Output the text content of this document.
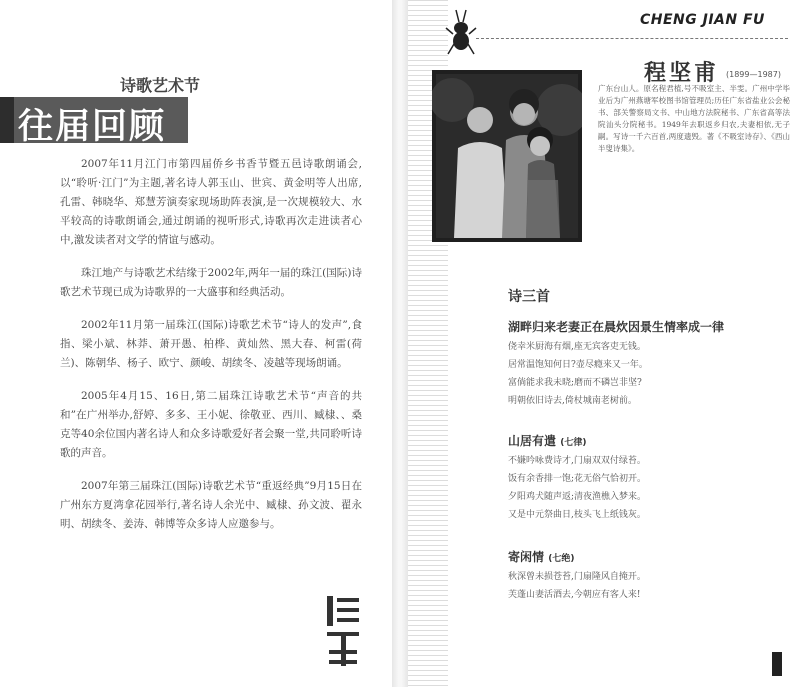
诗歌艺术节
往届回顾

2007年11月江门市第四届侨乡书香节暨五邑诗歌朗诵会,以“聆听·江门”为主题,著名诗人郭玉山、世宾、黄金明等人出席,孔雷、韩晓华、郑慧芳演奏家现场助阵表演,是一次规模较大、水平较高的诗歌朗诵会,通过朗诵的视听形式,诗歌再次走进读者心中,激发读者对文学的情谊与感动。

珠江地产与诗歌艺术结缘于2002年,两年一届的珠江(国际)诗歌艺术节现已成为诗歌界的一大盛事和经典活动。

2002年11月第一届珠江(国际)诗歌艺术节“诗人的发声”,食指、梁小斌、林莽、萧开愚、柏桦、黄灿然、黑大春、柯雷(荷兰)、陈朝华、杨子、欧宁、颜峻、胡续冬、凌越等现场朗诵。

2005年4月15、16日,第二届珠江诗歌艺术节“声音的共和”在广州举办,舒婷、多多、王小妮、徐敬亚、西川、臧棣、、桑克等40余位国内著名诗人和众多诗歌爱好者会聚一堂,共同聆听诗歌的声音。

2007年第三届珠江(国际)诗歌艺术节“重返经典”9月15日在广州东方夏湾拿花园举行,著名诗人余光中、臧棣、孙文波、翟永明、胡续冬、姜涛、韩博等众多诗人应邀参与。

CHENG JIAN FU
程坚甫 (1899—1987)
广东台山人。原名程君植,号不吸室主、半雯。广州中学毕业后为广州燕塘军校图书馆管理员;历任广东省盐业公会秘书、部关警察局文书、中山地方法院秘书、广东省高等法院汕头分院秘书。1949年去职返乡归农,夫妻相依,无子嗣。写诗一千六百首,两度遗毁。著《不吸室诗存》、《西山半叟诗集》。
诗三首
湖畔归来老妻正在晨炊因景生情率成一律
侥幸米厨海有烟,座无宾客吏无钱。
居常温饱知何日?壶尽瘾来又一年。
富倘能求我未晓;磨而不磷岂非坚?
明朝依旧诗去,倚杖城南老树前。
山居有遣 (七律)
不嫌吟咏费诗才,门扇双双付绿苔。
饭有余香排一饱;花无俗气恰初开。
夕阳鸡犬随声返;清夜渔樵入梦来。
又是中元祭曲日,枝头飞上纸钱灰。
寄闲情 (七绝)
秋深曾未损苍苔,门扇隆风自掩开。
芙蓬山妻活酒去,今朝应有客人来!
